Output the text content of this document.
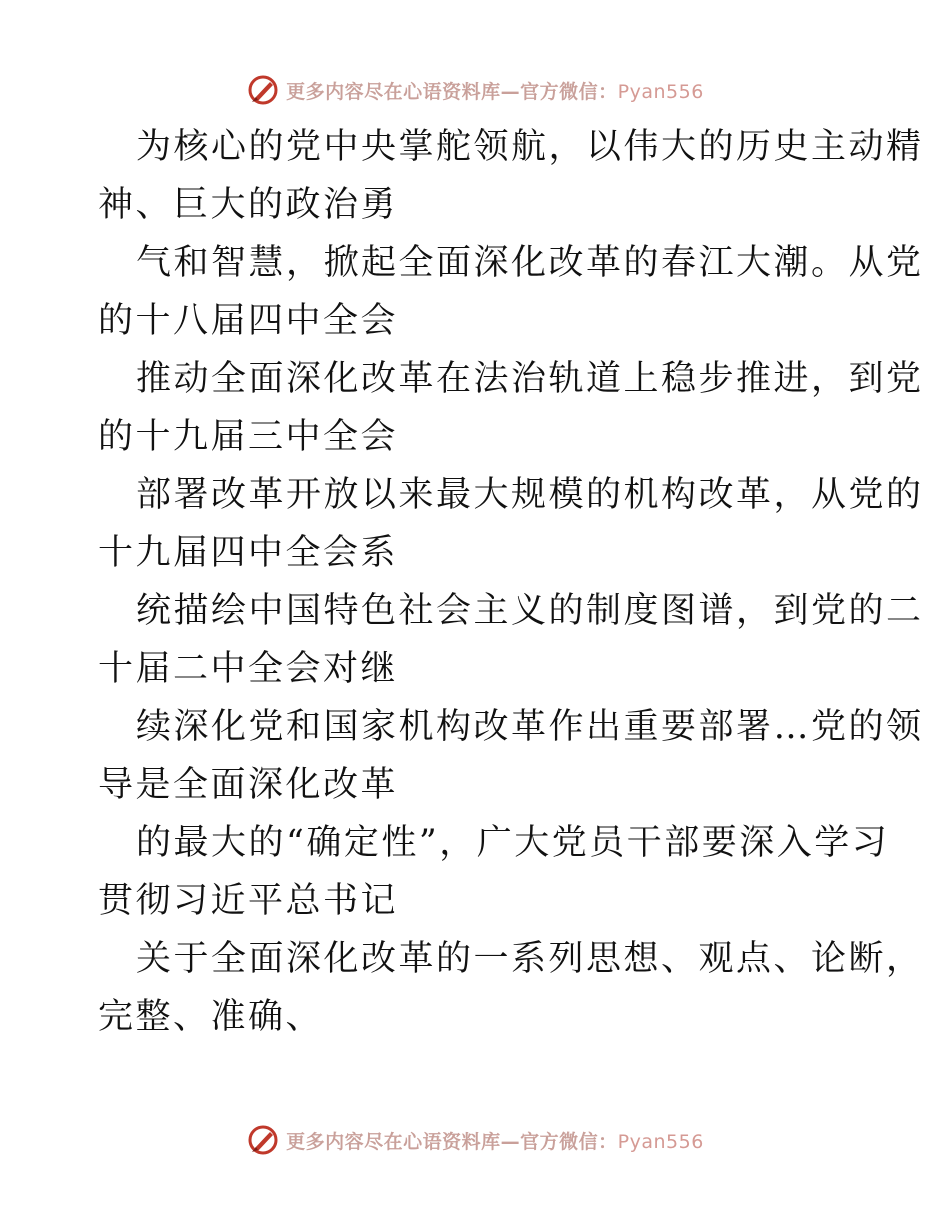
更多内容尽在心语资料库—官方微信：Pyan556
为核心的党中央掌舵领航，以伟大的历史主动精
神、巨大的政治勇
气和智慧，掀起全面深化改革的春江大潮。从党
的十八届四中全会
推动全面深化改革在法治轨道上稳步推进，到党
的十九届三中全会
部署改革开放以来最大规模的机构改革，从党的
十九届四中全会系
统描绘中国特色社会主义的制度图谱，到党的二
十届二中全会对继
续深化党和国家机构改革作出重要部署…党的领
导是全面深化改革
的最大的“确定性”，广大党员干部要深入学习
贯彻习近平总书记
关于全面深化改革的一系列思想、观点、论断，
完整、准确、
更多内容尽在心语资料库—官方微信：Pyan556
